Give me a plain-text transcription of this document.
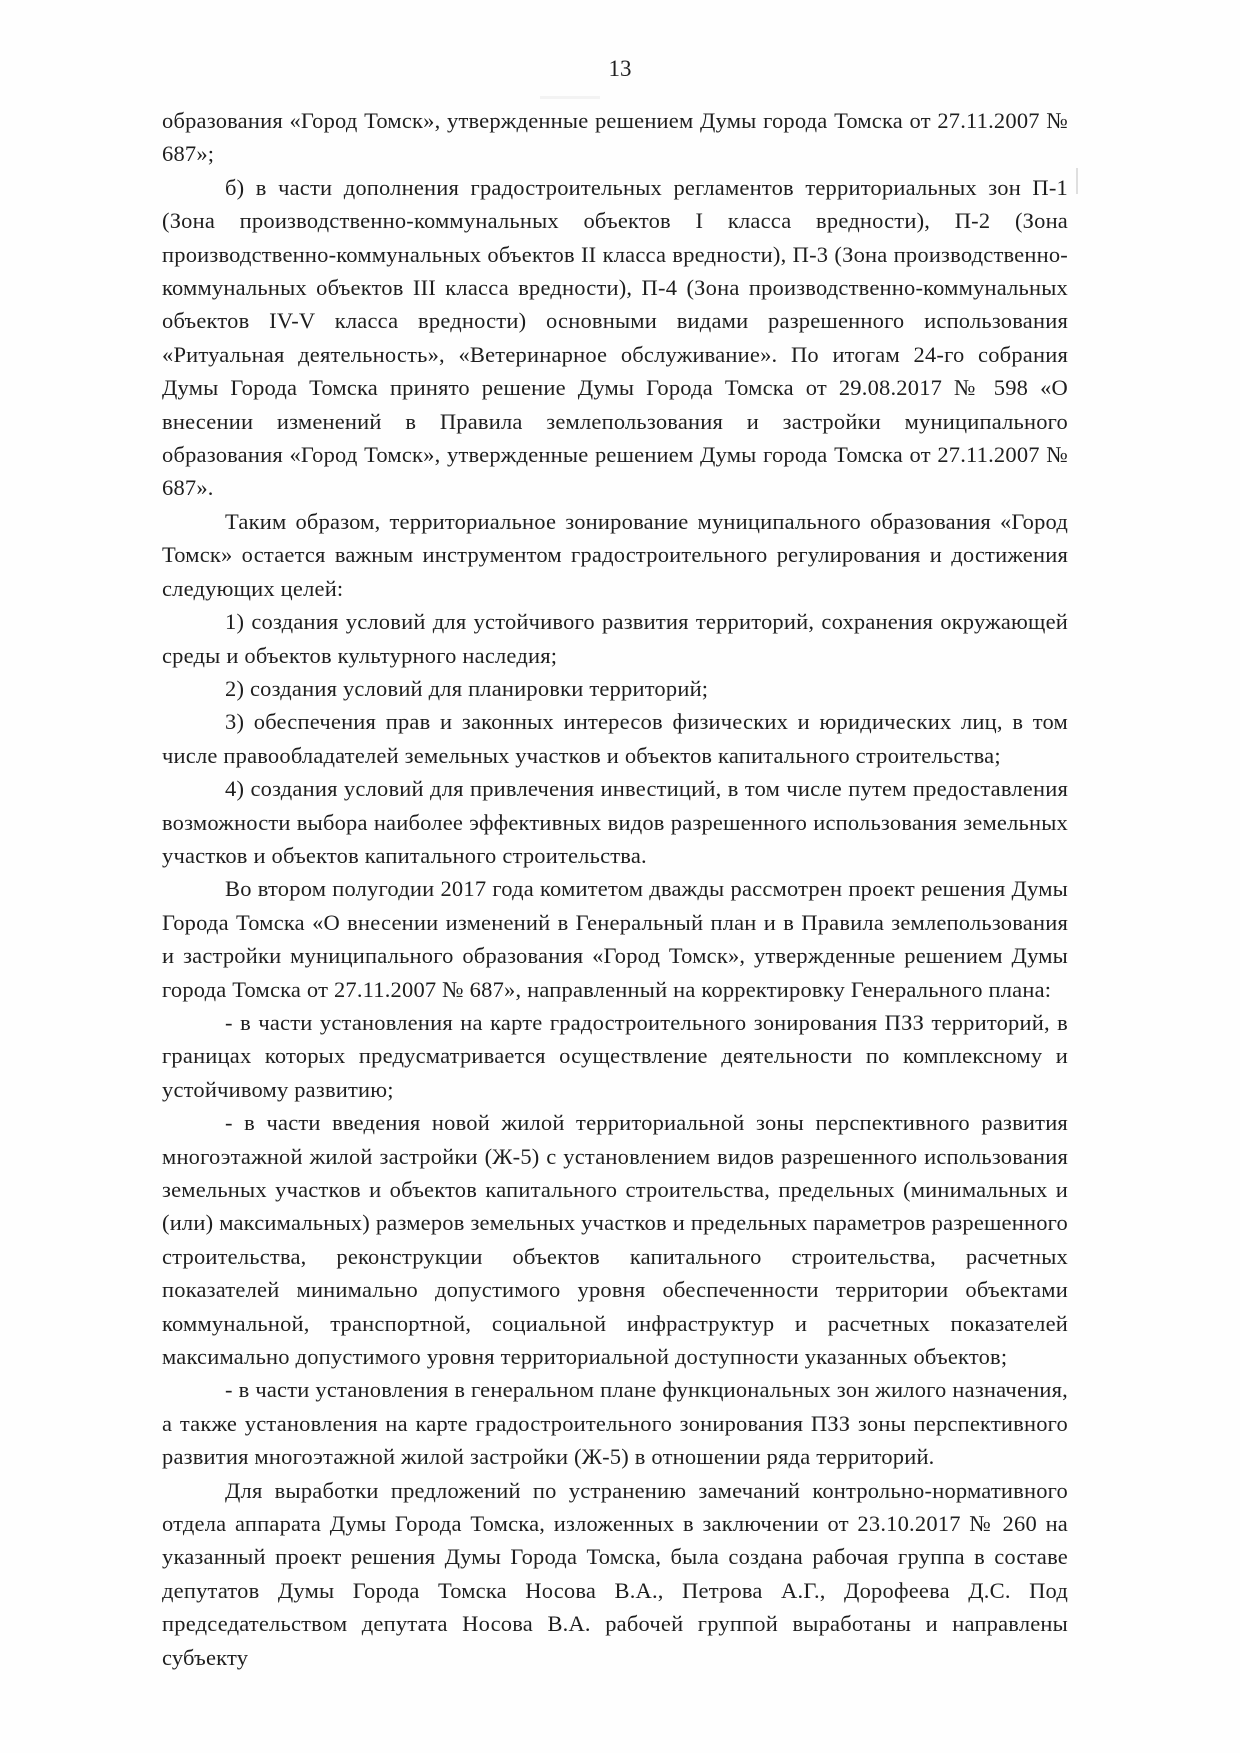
13

образования «Город Томск», утвержденные решением Думы города Томска от 27.11.2007 № 687»;

б) в части дополнения градостроительных регламентов территориальных зон П-1 (Зона производственно-коммунальных объектов I класса вредности), П-2 (Зона производственно-коммунальных объектов II класса вредности), П-3 (Зона производственно-коммунальных объектов III класса вредности), П-4 (Зона производственно-коммунальных объектов IV-V класса вредности) основными видами разрешенного использования «Ритуальная деятельность», «Ветеринарное обслуживание». По итогам 24-го собрания Думы Города Томска принято решение Думы Города Томска от 29.08.2017 № 598 «О внесении изменений в Правила землепользования и застройки муниципального образования «Город Томск», утвержденные решением Думы города Томска от 27.11.2007 № 687».

Таким образом, территориальное зонирование муниципального образования «Город Томск» остается важным инструментом градостроительного регулирования и достижения следующих целей:

1) создания условий для устойчивого развития территорий, сохранения окружающей среды и объектов культурного наследия;

2) создания условий для планировки территорий;

3) обеспечения прав и законных интересов физических и юридических лиц, в том числе правообладателей земельных участков и объектов капитального строительства;

4) создания условий для привлечения инвестиций, в том числе путем предоставления возможности выбора наиболее эффективных видов разрешенного использования земельных участков и объектов капитального строительства.

Во втором полугодии 2017 года комитетом дважды рассмотрен проект решения Думы Города Томска «О внесении изменений в Генеральный план и в Правила землепользования и застройки муниципального образования «Город Томск», утвержденные решением Думы города Томска от 27.11.2007 № 687», направленный на корректировку Генерального плана:

- в части установления на карте градостроительного зонирования ПЗЗ территорий, в границах которых предусматривается осуществление деятельности по комплексному и устойчивому развитию;

- в части введения новой жилой территориальной зоны перспективного развития многоэтажной жилой застройки (Ж-5) с установлением видов разрешенного использования земельных участков и объектов капитального строительства, предельных (минимальных и (или) максимальных) размеров земельных участков и предельных параметров разрешенного строительства, реконструкции объектов капитального строительства, расчетных показателей минимально допустимого уровня обеспеченности территории объектами коммунальной, транспортной, социальной инфраструктур и расчетных показателей максимально допустимого уровня территориальной доступности указанных объектов;

- в части установления в генеральном плане функциональных зон жилого назначения, а также установления на карте градостроительного зонирования ПЗЗ зоны перспективного развития многоэтажной жилой застройки (Ж-5) в отношении ряда территорий.

Для выработки предложений по устранению замечаний контрольно-нормативного отдела аппарата Думы Города Томска, изложенных в заключении от 23.10.2017 № 260 на указанный проект решения Думы Города Томска, была создана рабочая группа в составе депутатов Думы Города Томска Носова В.А., Петрова А.Г., Дорофеева Д.С. Под председательством депутата Носова В.А. рабочей группой выработаны и направлены субъекту
